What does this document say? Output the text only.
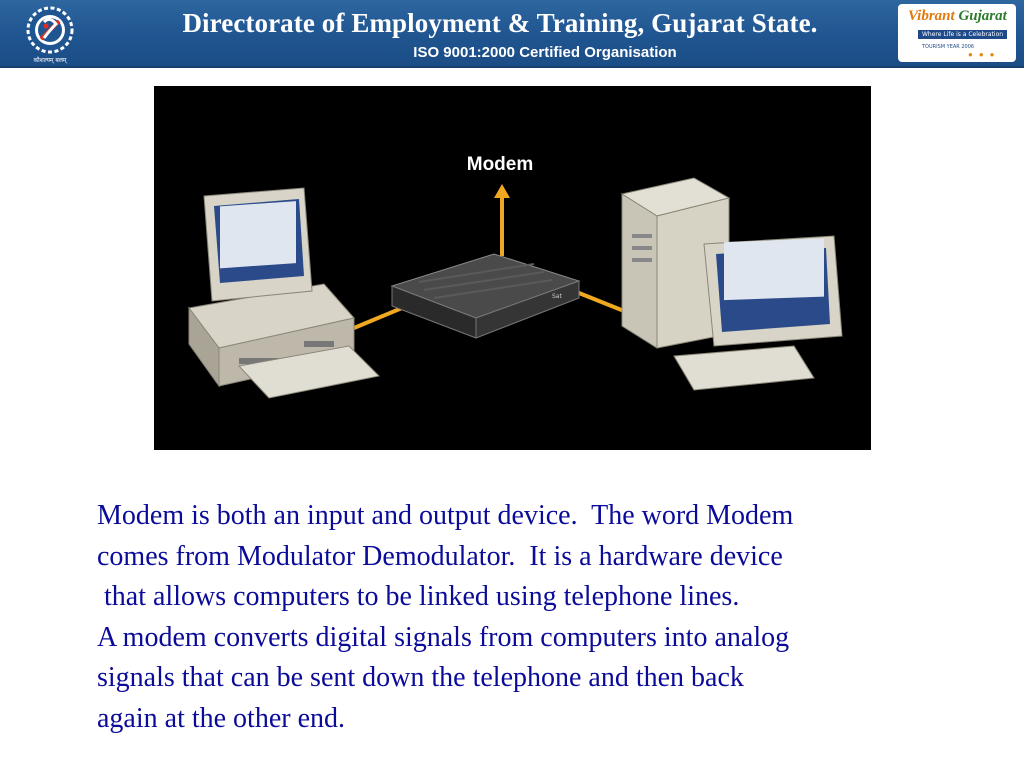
कौशल्यम् बलम्
Directorate of Employment & Training, Gujarat State.
ISO 9001:2000 Certified Organisation
Vibrant Gujarat
Where Life is a Celebration
TOURISM YEAR 2006
● ● ●
Modem
Sat
Modem is both an input and output device.  The word Modem
comes from Modulator Demodulator.  It is a hardware device
that allows computers to be linked using telephone lines.
A modem converts digital signals from computers into analog
signals that can be sent down the telephone and then back
again at the other end.
